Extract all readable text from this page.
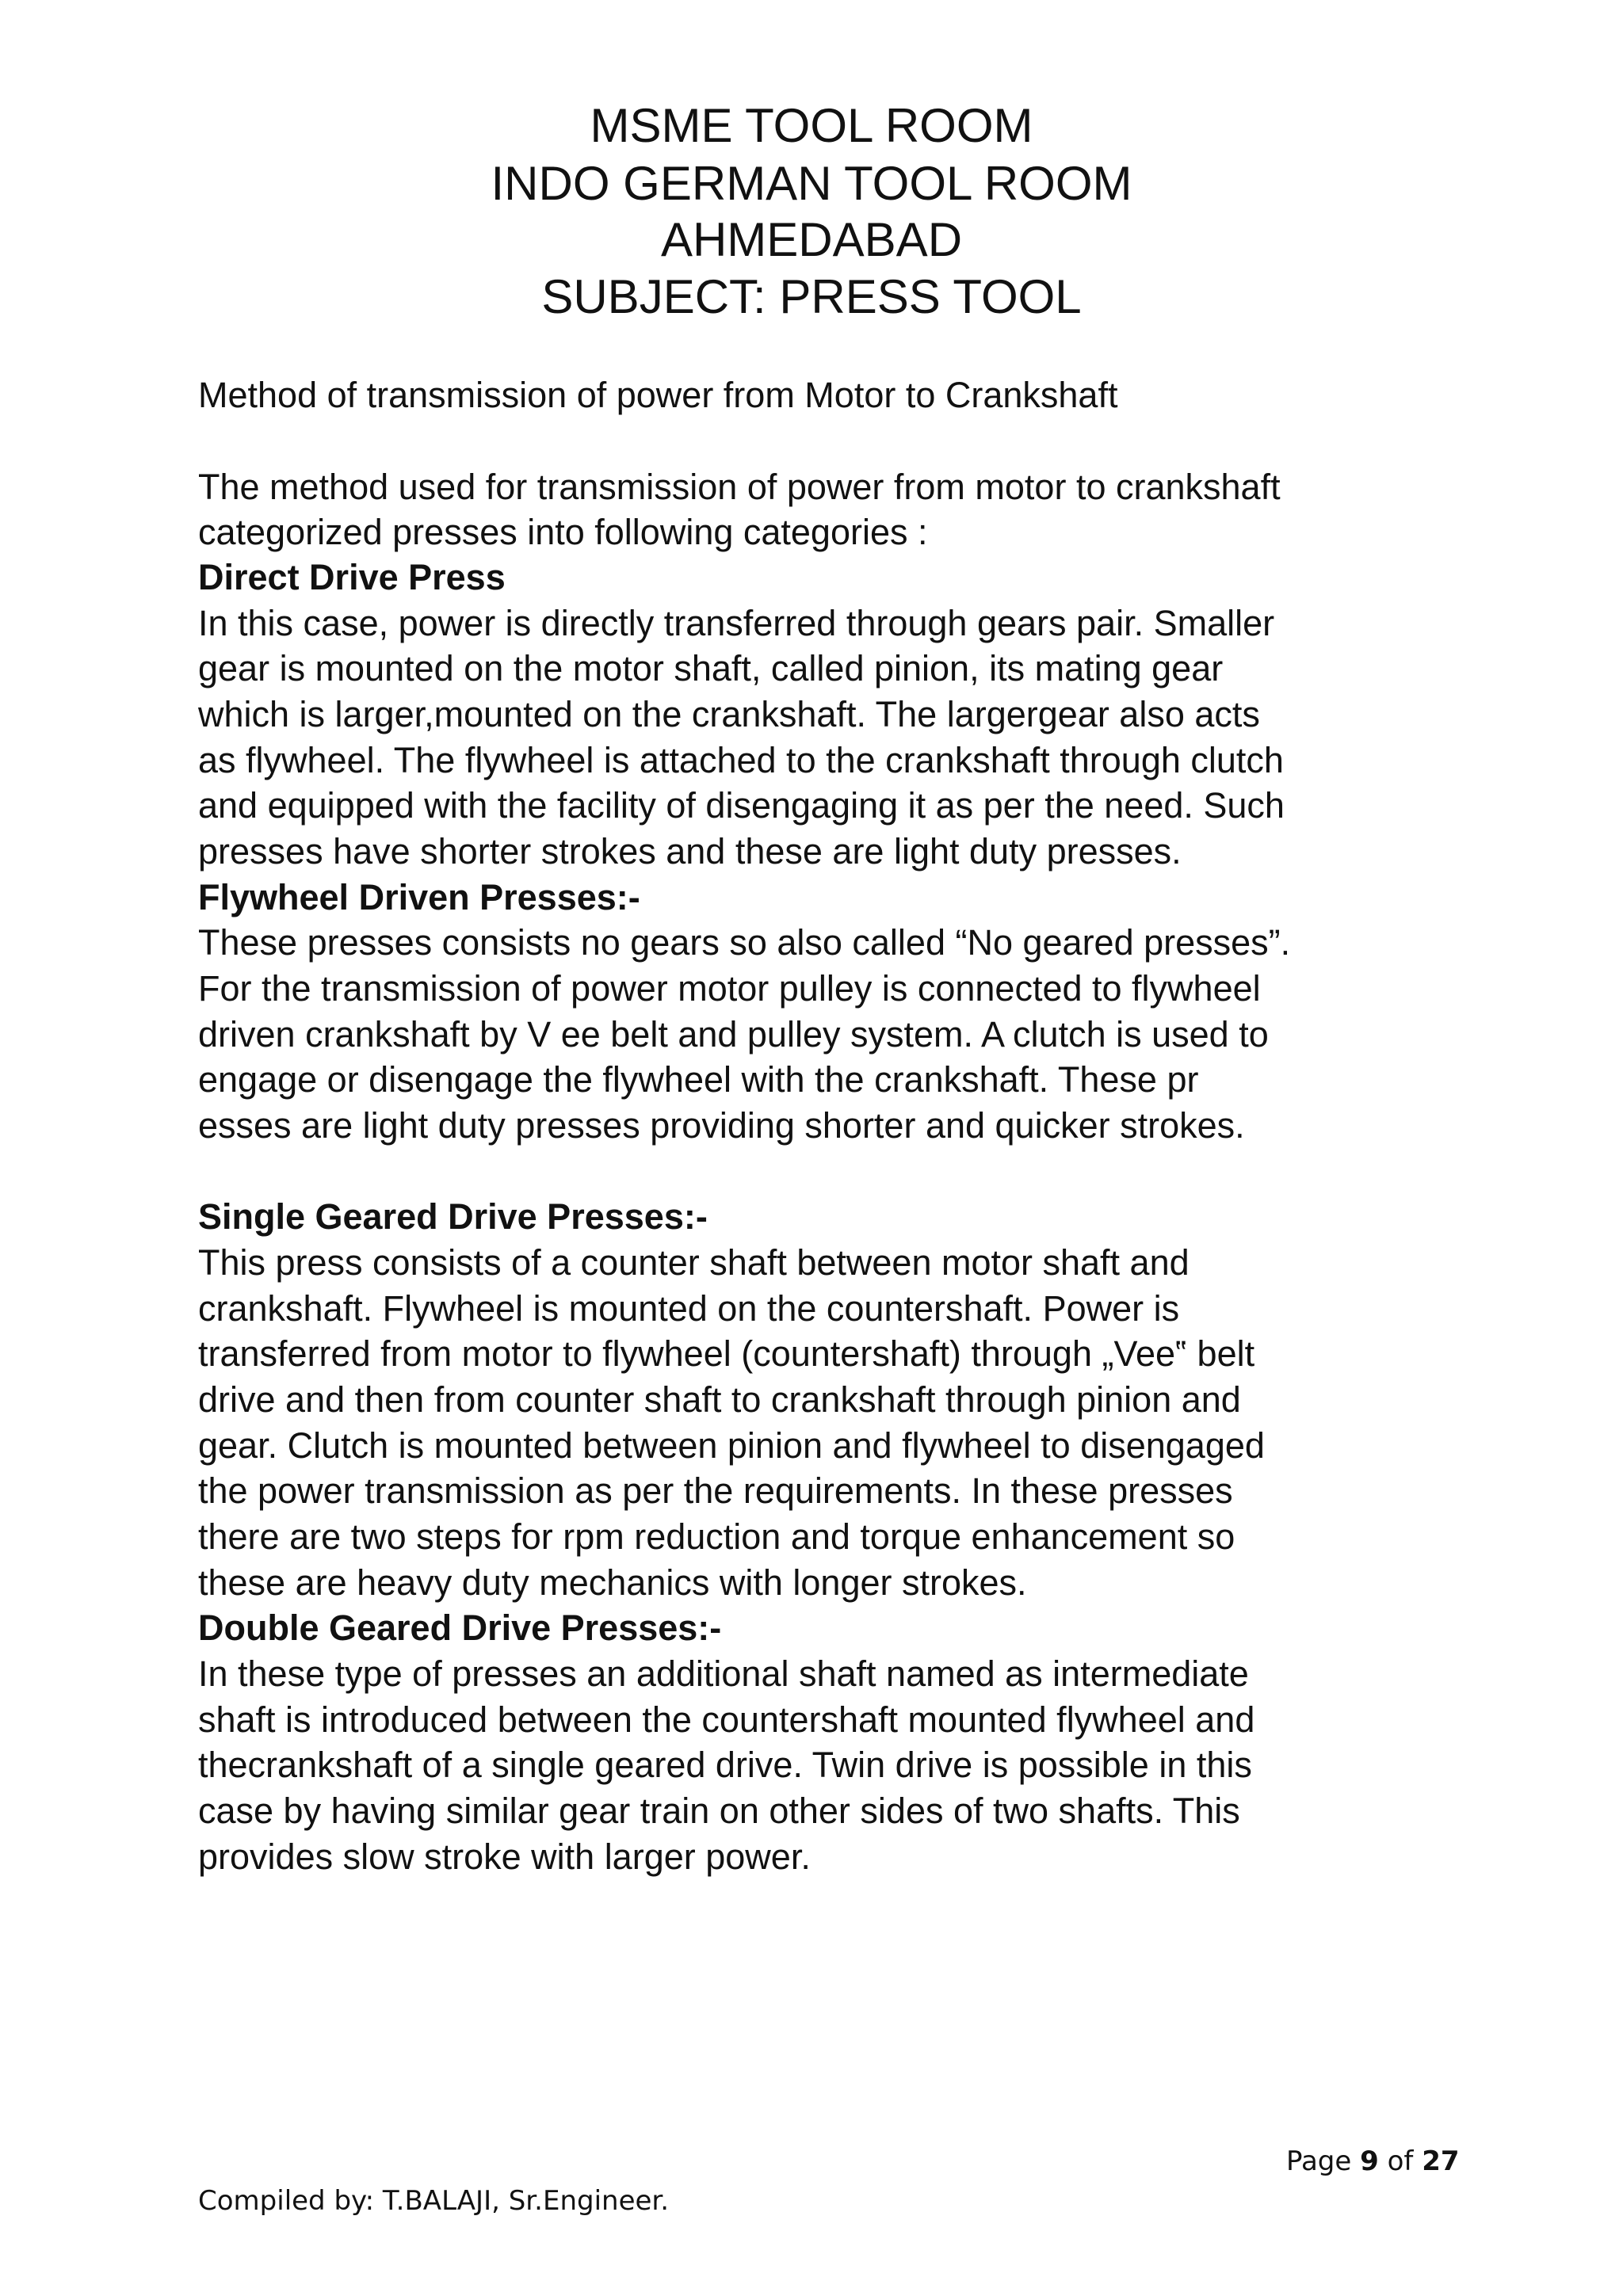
MSME TOOL ROOM
INDO GERMAN TOOL ROOM
AHMEDABAD
SUBJECT: PRESS TOOL
Method of transmission of power from Motor to Crankshaft
The method used for transmission of power from motor to crankshaft
categorized presses into following categories :
Direct Drive Press
In this case, power is directly transferred through gears pair. Smaller
gear is mounted on the motor shaft, called pinion, its mating gear
which is larger,mounted on the crankshaft. The largergear also acts
as flywheel. The flywheel is attached to the crankshaft through clutch
and equipped with the facility of disengaging it as per the need. Such
presses have shorter strokes and these are light duty presses.
Flywheel Driven Presses:-
These presses consists no gears so also called “No geared presses”.
For the transmission of power motor pulley is connected to flywheel
driven crankshaft by V ee belt and pulley system. A clutch is used to
engage or disengage the flywheel with the crankshaft. These pr
esses are light duty presses providing shorter and quicker strokes.
Single Geared Drive Presses:-
This press consists of a counter shaft between motor shaft and
crankshaft. Flywheel is mounted on the countershaft. Power is
transferred from motor to flywheel (countershaft) through „Vee‟ belt
drive and then from counter shaft to crankshaft through pinion and
gear. Clutch is mounted between pinion and flywheel to disengaged
the power transmission as per the requirements. In these presses
there are two steps for rpm reduction and torque enhancement so
these are heavy duty mechanics with longer strokes.
Double Geared Drive Presses:-
In these type of presses an additional shaft named as intermediate
shaft is introduced between the countershaft mounted flywheel and
thecrankshaft of a single geared drive. Twin drive is possible in this
case by having similar gear train on other sides of two shafts. This
provides slow stroke with larger power.
Page 9 of 27
Compiled by: T.BALAJI, Sr.Engineer.
